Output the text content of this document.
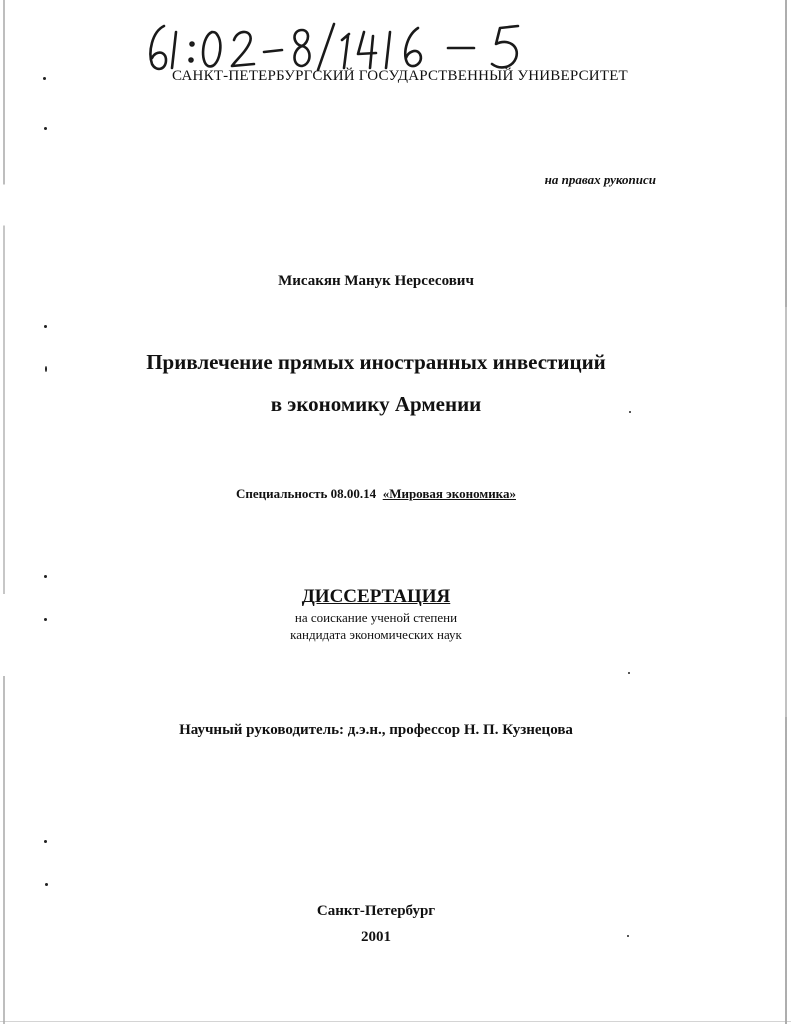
САНКТ-ПЕТЕРБУРГСКИЙ ГОСУДАРСТВЕННЫЙ УНИВЕРСИТЕТ
на правах рукописи
Мисакян Манук Нерсесович
Привлечение прямых иностранных инвестиций
в экономику Армении
Специальность 08.00.14 «Мировая экономика»
ДИССЕРТАЦИЯ
на соискание ученой степени
кандидата экономических наук
Научный руководитель: д.э.н., профессор Н. П. Кузнецова
Санкт-Петербург
2001
